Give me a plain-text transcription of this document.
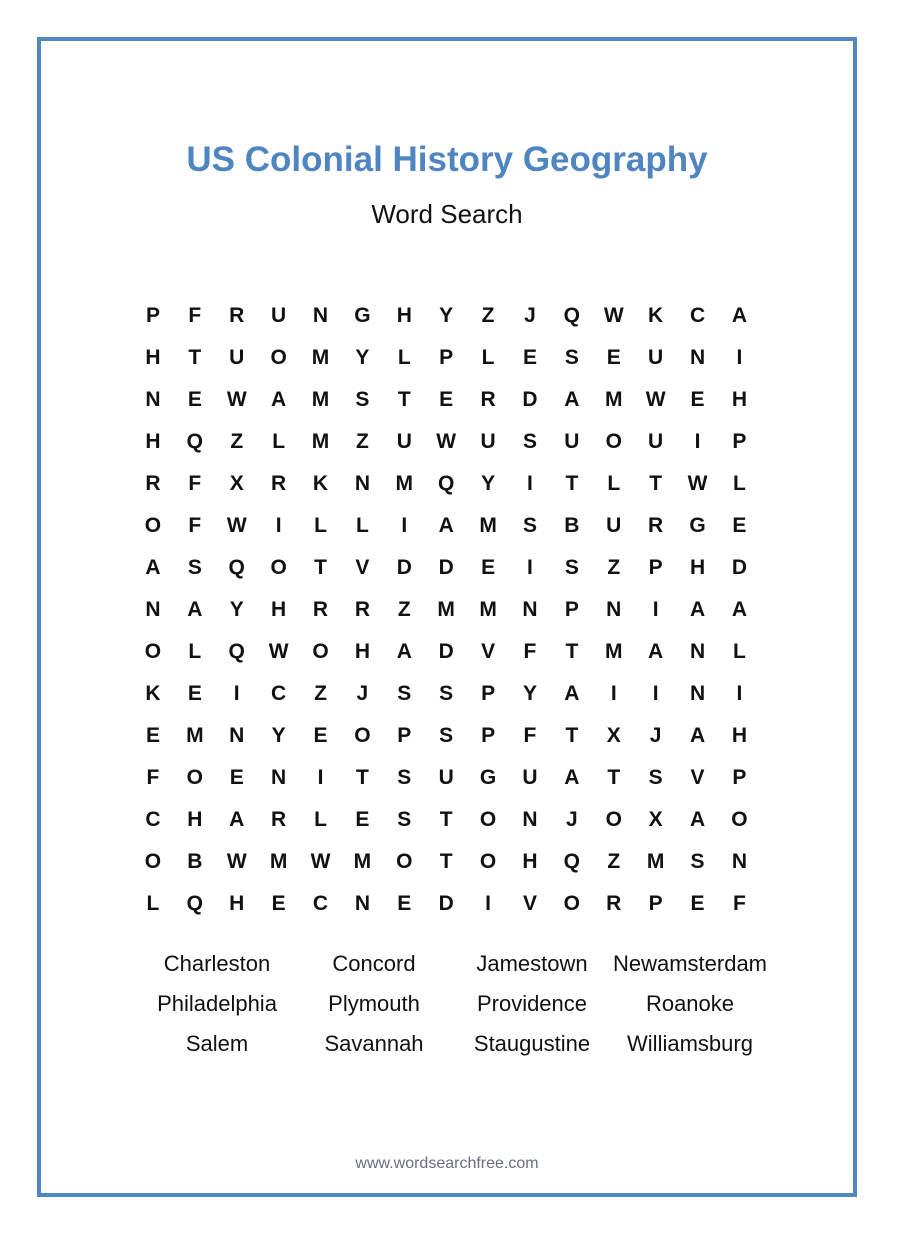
US Colonial History Geography
Word Search
P	F	R	U	N	G	H	Y	Z	J	Q	W	K	C	A
H	T	U	O	M	Y	L	P	L	E	S	E	U	N	I
N	E	W	A	M	S	T	E	R	D	A	M	W	E	H
H	Q	Z	L	M	Z	U	W	U	S	U	O	U	I	P
R	F	X	R	K	N	M	Q	Y	I	T	L	T	W	L
O	F	W	I	L	L	I	A	M	S	B	U	R	G	E
A	S	Q	O	T	V	D	D	E	I	S	Z	P	H	D
N	A	Y	H	R	R	Z	M	M	N	P	N	I	A	A
O	L	Q	W	O	H	A	D	V	F	T	M	A	N	L
K	E	I	C	Z	J	S	S	P	Y	A	I	I	N	I
E	M	N	Y	E	O	P	S	P	F	T	X	J	A	H
F	O	E	N	I	T	S	U	G	U	A	T	S	V	P
C	H	A	R	L	E	S	T	O	N	J	O	X	A	O
O	B	W	M	W	M	O	T	O	H	Q	Z	M	S	N
L	Q	H	E	C	N	E	D	I	V	O	R	P	E	F
Charleston	Concord	Jamestown	Newamsterdam
Philadelphia	Plymouth	Providence	Roanoke
Salem	Savannah	Staugustine	Williamsburg
www.wordsearchfree.com
